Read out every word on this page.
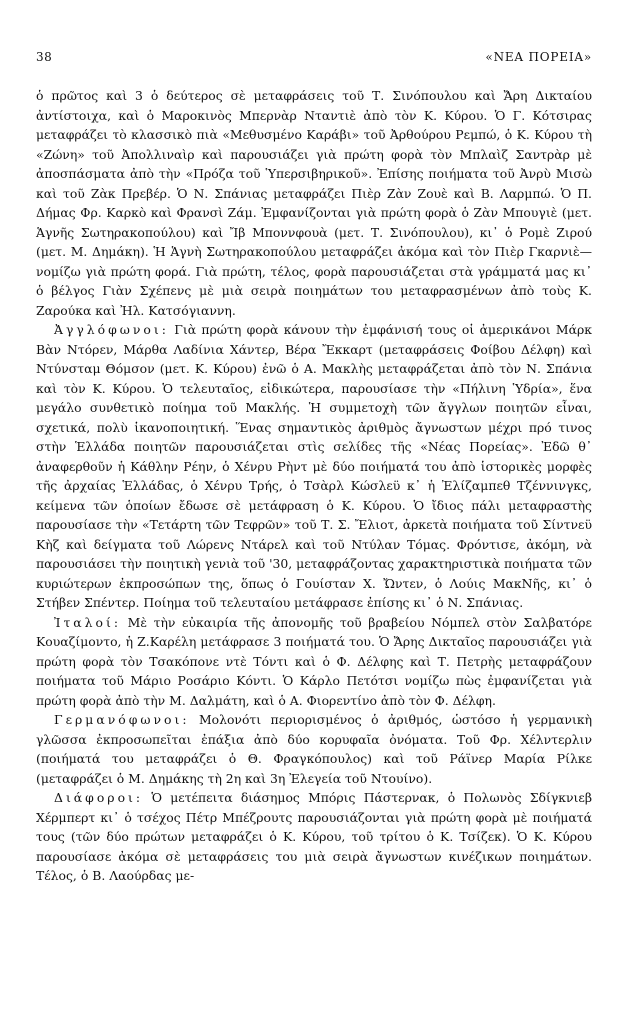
38	«ΝΕΑ ΠΟΡΕΙΑ»

ὁ πρῶτος καὶ 3 ὁ δεύτερος σὲ μεταφράσεις τοῦ Τ. Σινόπουλου καὶ Ἄρη Δικταίου ἀντίστοιχα, καὶ ὁ Μαροκινὸς Μπερνὰρ Νταντιὲ ἀπὸ τὸν Κ. Κύρου. Ὁ Γ. Κότσιρας μεταφράζει τὸ κλασσικὸ πιὰ «Μεθυσμένο Καράβι» τοῦ Ἀρθούρου Ρεμπώ, ὁ Κ. Κύρου τὴ «Ζώνη» τοῦ Ἀπολλιναὶρ καὶ παρουσιάζει γιὰ πρώτη φορὰ τὸν Μπλαὶζ Σαντρὰρ μὲ ἀποσπάσματα ἀπὸ τὴν «Πρόζα τοῦ Ὑπερσιβηρικοῦ». Ἐπίσης ποιήματα τοῦ Ἀνρὺ Μισὼ καὶ τοῦ Ζὰκ Πρεβέρ. Ὁ Ν. Σπάνιας μεταφράζει Πιὲρ Ζὰν Ζουὲ καὶ Β. Λαρμπώ. Ὁ Π. Δήμας Φρ. Καρκὸ καὶ Φρανσὶ Ζάμ. Ἐμφανίζονται γιὰ πρώτη φορὰ ὁ Ζὰν Μπουγιὲ (μετ. Ἁγνῆς Σωτηρακοπούλου) καὶ Ἴβ Μποννφουὰ (μετ. Τ. Σινόπουλου), κι᾽ ὁ Ρομὲ Ζιρού (μετ. Μ. Δημάκη). Ἡ Ἁγνὴ Σωτηρακοπούλου μεταφράζει ἀκόμα καὶ τὸν Πιὲρ Γκαρνιὲ—νομίζω γιὰ πρώτη φορά. Γιὰ πρώτη, τέλος, φορὰ παρουσιάζεται στὰ γράμματά μας κι᾽ ὁ βέλγος Γιὰν Σχέπενς μὲ μιὰ σειρὰ ποιημάτων του μεταφρασμένων ἀπὸ τοὺς Κ. Ζαρούκα καὶ Ἠλ. Κατσόγιαννη.

Ἀγγλόφωνοι: Γιὰ πρώτη φορὰ κάνουν τὴν ἐμφάνισή τους οἱ ἀμερικάνοι Μάρκ Βὰν Ντόρεν, Μάρθα Λαδίνια Χάντερ, Βέρα Ἔκκαρτ (μεταφράσεις Φοίβου Δέλφη) καὶ Ντύνσταμ Θόμσον (μετ. Κ. Κύρου) ἐνῶ ὁ Α. Μακλὴς μεταφράζεται ἀπὸ τὸν Ν. Σπάνια καὶ τὸν Κ. Κύρου. Ὁ τελευταῖος, εἰδικώτερα, παρουσίασε τὴν «Πήλινη Ὑδρία», ἕνα μεγάλο συνθετικὸ ποίημα τοῦ Μακλής. Ἡ συμμετοχὴ τῶν ἄγγλων ποιητῶν εἶναι, σχετικά, πολὺ ἱκανοποιητική. Ἕνας σημαντικὸς ἀριθμὸς ἄγνωστων μέχρι πρό τινος στὴν Ἑλλάδα ποιητῶν παρουσιάζεται στὶς σελίδες τῆς «Νέας Πορείας». Ἐδῶ θ᾽ ἀναφερθοῦν ἡ Κάθλην Ρέην, ὁ Χένρυ Ρὴντ μὲ δύο ποιήματά του ἀπὸ ἱστορικὲς μορφὲς τῆς ἀρχαίας Ἑλλάδας, ὁ Χένρυ Τρής, ὁ Τσὰρλ Κώσλεϋ κ᾽ ἡ Ἐλίζαμπεθ Τζέννινγκς, κείμενα τῶν ὁποίων ἔδωσε σὲ μετάφραση ὁ Κ. Κύρου. Ὁ ἴδιος πάλι μεταφραστὴς παρουσίασε τὴν «Τετάρτη τῶν Τεφρῶν» τοῦ Τ. Σ. Ἔλιοτ, ἀρκετὰ ποιήματα τοῦ Σίντνεϋ Κὴζ καὶ δείγματα τοῦ Λώρενς Ντάρελ καὶ τοῦ Ντύλαν Τόμας. Φρόντισε, ἀκόμη, νὰ παρουσιάσει τὴν ποιητικὴ γενιὰ τοῦ '30, μεταφράζοντας χαρακτηριστικὰ ποιήματα τῶν κυριώτερων ἐκπροσώπων της, ὅπως ὁ Γουίσταν Χ. Ὤντεν, ὁ Λούις ΜακΝῆς, κι᾽ ὁ Στήβεν Σπέντερ. Ποίημα τοῦ τελευταίου μετάφρασε ἐπίσης κι᾽ ὁ Ν. Σπάνιας.

Ἰταλοί: Μὲ τὴν εὐκαιρία τῆς ἀπονομῆς τοῦ βραβείου Νόμπελ στὸν Σαλβατόρε Κουαζίμοντο, ἡ Ζ.Καρέλη μετάφρασε 3 ποιήματά του. Ὁ Ἄρης Δικταῖος παρουσιάζει γιὰ πρώτη φορὰ τὸν Τσακόπονε ντὲ Τόντι καὶ ὁ Φ. Δέλφης καὶ Τ. Πετρὴς μεταφράζουν ποιήματα τοῦ Μάριο Ροσάριο Κόντι. Ὁ Κάρλο Πετότσι νομίζω πὼς ἐμφανίζεται γιὰ πρώτη φορὰ ἀπὸ τὴν Μ. Δαλμάτη, καὶ ὁ Α. Φιορεντίνο ἀπὸ τὸν Φ. Δέλφη.

Γερμανόφωνοι: Μολονότι περιορισμένος ὁ ἀριθμός, ὡστόσο ἡ γερμανικὴ γλῶσσα ἐκπροσωπεῖται ἐπάξια ἀπὸ δύο κορυφαῖα ὀνόματα. Τοῦ Φρ. Χέλντερλιν (ποιήματά του μεταφράζει ὁ Θ. Φραγκόπουλος) καὶ τοῦ Ράϊνερ Μαρία Ρίλκε (μεταφράζει ὁ Μ. Δημάκης τὴ 2η καὶ 3η Ἐλεγεία τοῦ Ντουίνο).

Διάφοροι: Ὁ μετέπειτα διάσημος Μπόρις Πάστερνακ, ὁ Πολωνὸς Σδίγκνιεβ Χέρμπερτ κι᾽ ὁ τσέχος Πέτρ Μπέζρουτς παρουσιάζονται γιὰ πρώτη φορὰ μὲ ποιήματά τους (τῶν δύο πρώτων μεταφράζει ὁ Κ. Κύρου, τοῦ τρίτου ὁ Κ. Τσίζεκ). Ὁ Κ. Κύρου παρουσίασε ἀκόμα σὲ μεταφράσεις του μιὰ σειρὰ ἄγνωστων κινέζικων ποιημάτων. Τέλος, ὁ Β. Λαούρδας με-
